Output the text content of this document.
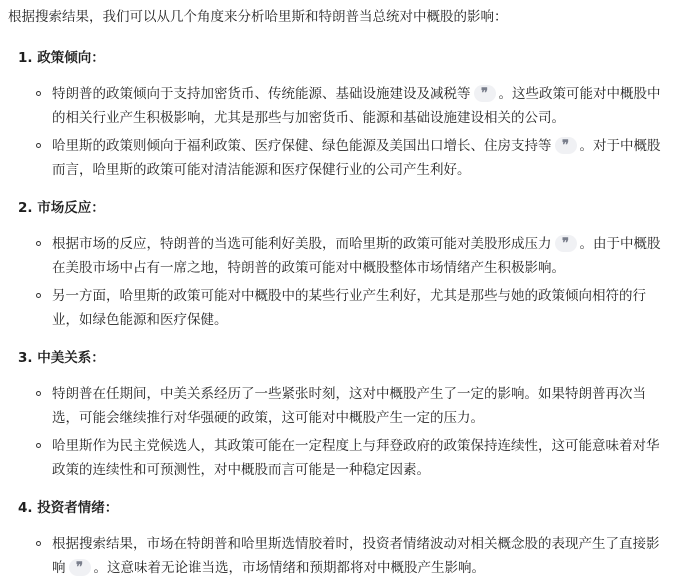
根据搜索结果，我们可以从几个角度来分析哈里斯和特朗普当总统对中概股的影响：
1. 政策倾向：
特朗普的政策倾向于支持加密货币、传统能源、基础设施建设及减税等 ❞ 。这些政策可能对中概股中的相关行业产生积极影响，尤其是那些与加密货币、能源和基础设施建设相关的公司。
哈里斯的政策则倾向于福利政策、医疗保健、绿色能源及美国出口增长、住房支持等 ❞ 。对于中概股而言，哈里斯的政策可能对清洁能源和医疗保健行业的公司产生利好。
2. 市场反应：
根据市场的反应，特朗普的当选可能利好美股，而哈里斯的政策可能对美股形成压力 ❞ 。由于中概股在美股市场中占有一席之地，特朗普的政策可能对中概股整体市场情绪产生积极影响。
另一方面，哈里斯的政策可能对中概股中的某些行业产生利好，尤其是那些与她的政策倾向相符的行业，如绿色能源和医疗保健。
3. 中美关系：
特朗普在任期间，中美关系经历了一些紧张时刻，这对中概股产生了一定的影响。如果特朗普再次当选，可能会继续推行对华强硬的政策，这可能对中概股产生一定的压力。
哈里斯作为民主党候选人，其政策可能在一定程度上与拜登政府的政策保持连续性，这可能意味着对华政策的连续性和可预测性，对中概股而言可能是一种稳定因素。
4. 投资者情绪：
根据搜索结果，市场在特朗普和哈里斯选情胶着时，投资者情绪波动对相关概念股的表现产生了直接影响 ❞ 。这意味着无论谁当选，市场情绪和预期都将对中概股产生影响。
